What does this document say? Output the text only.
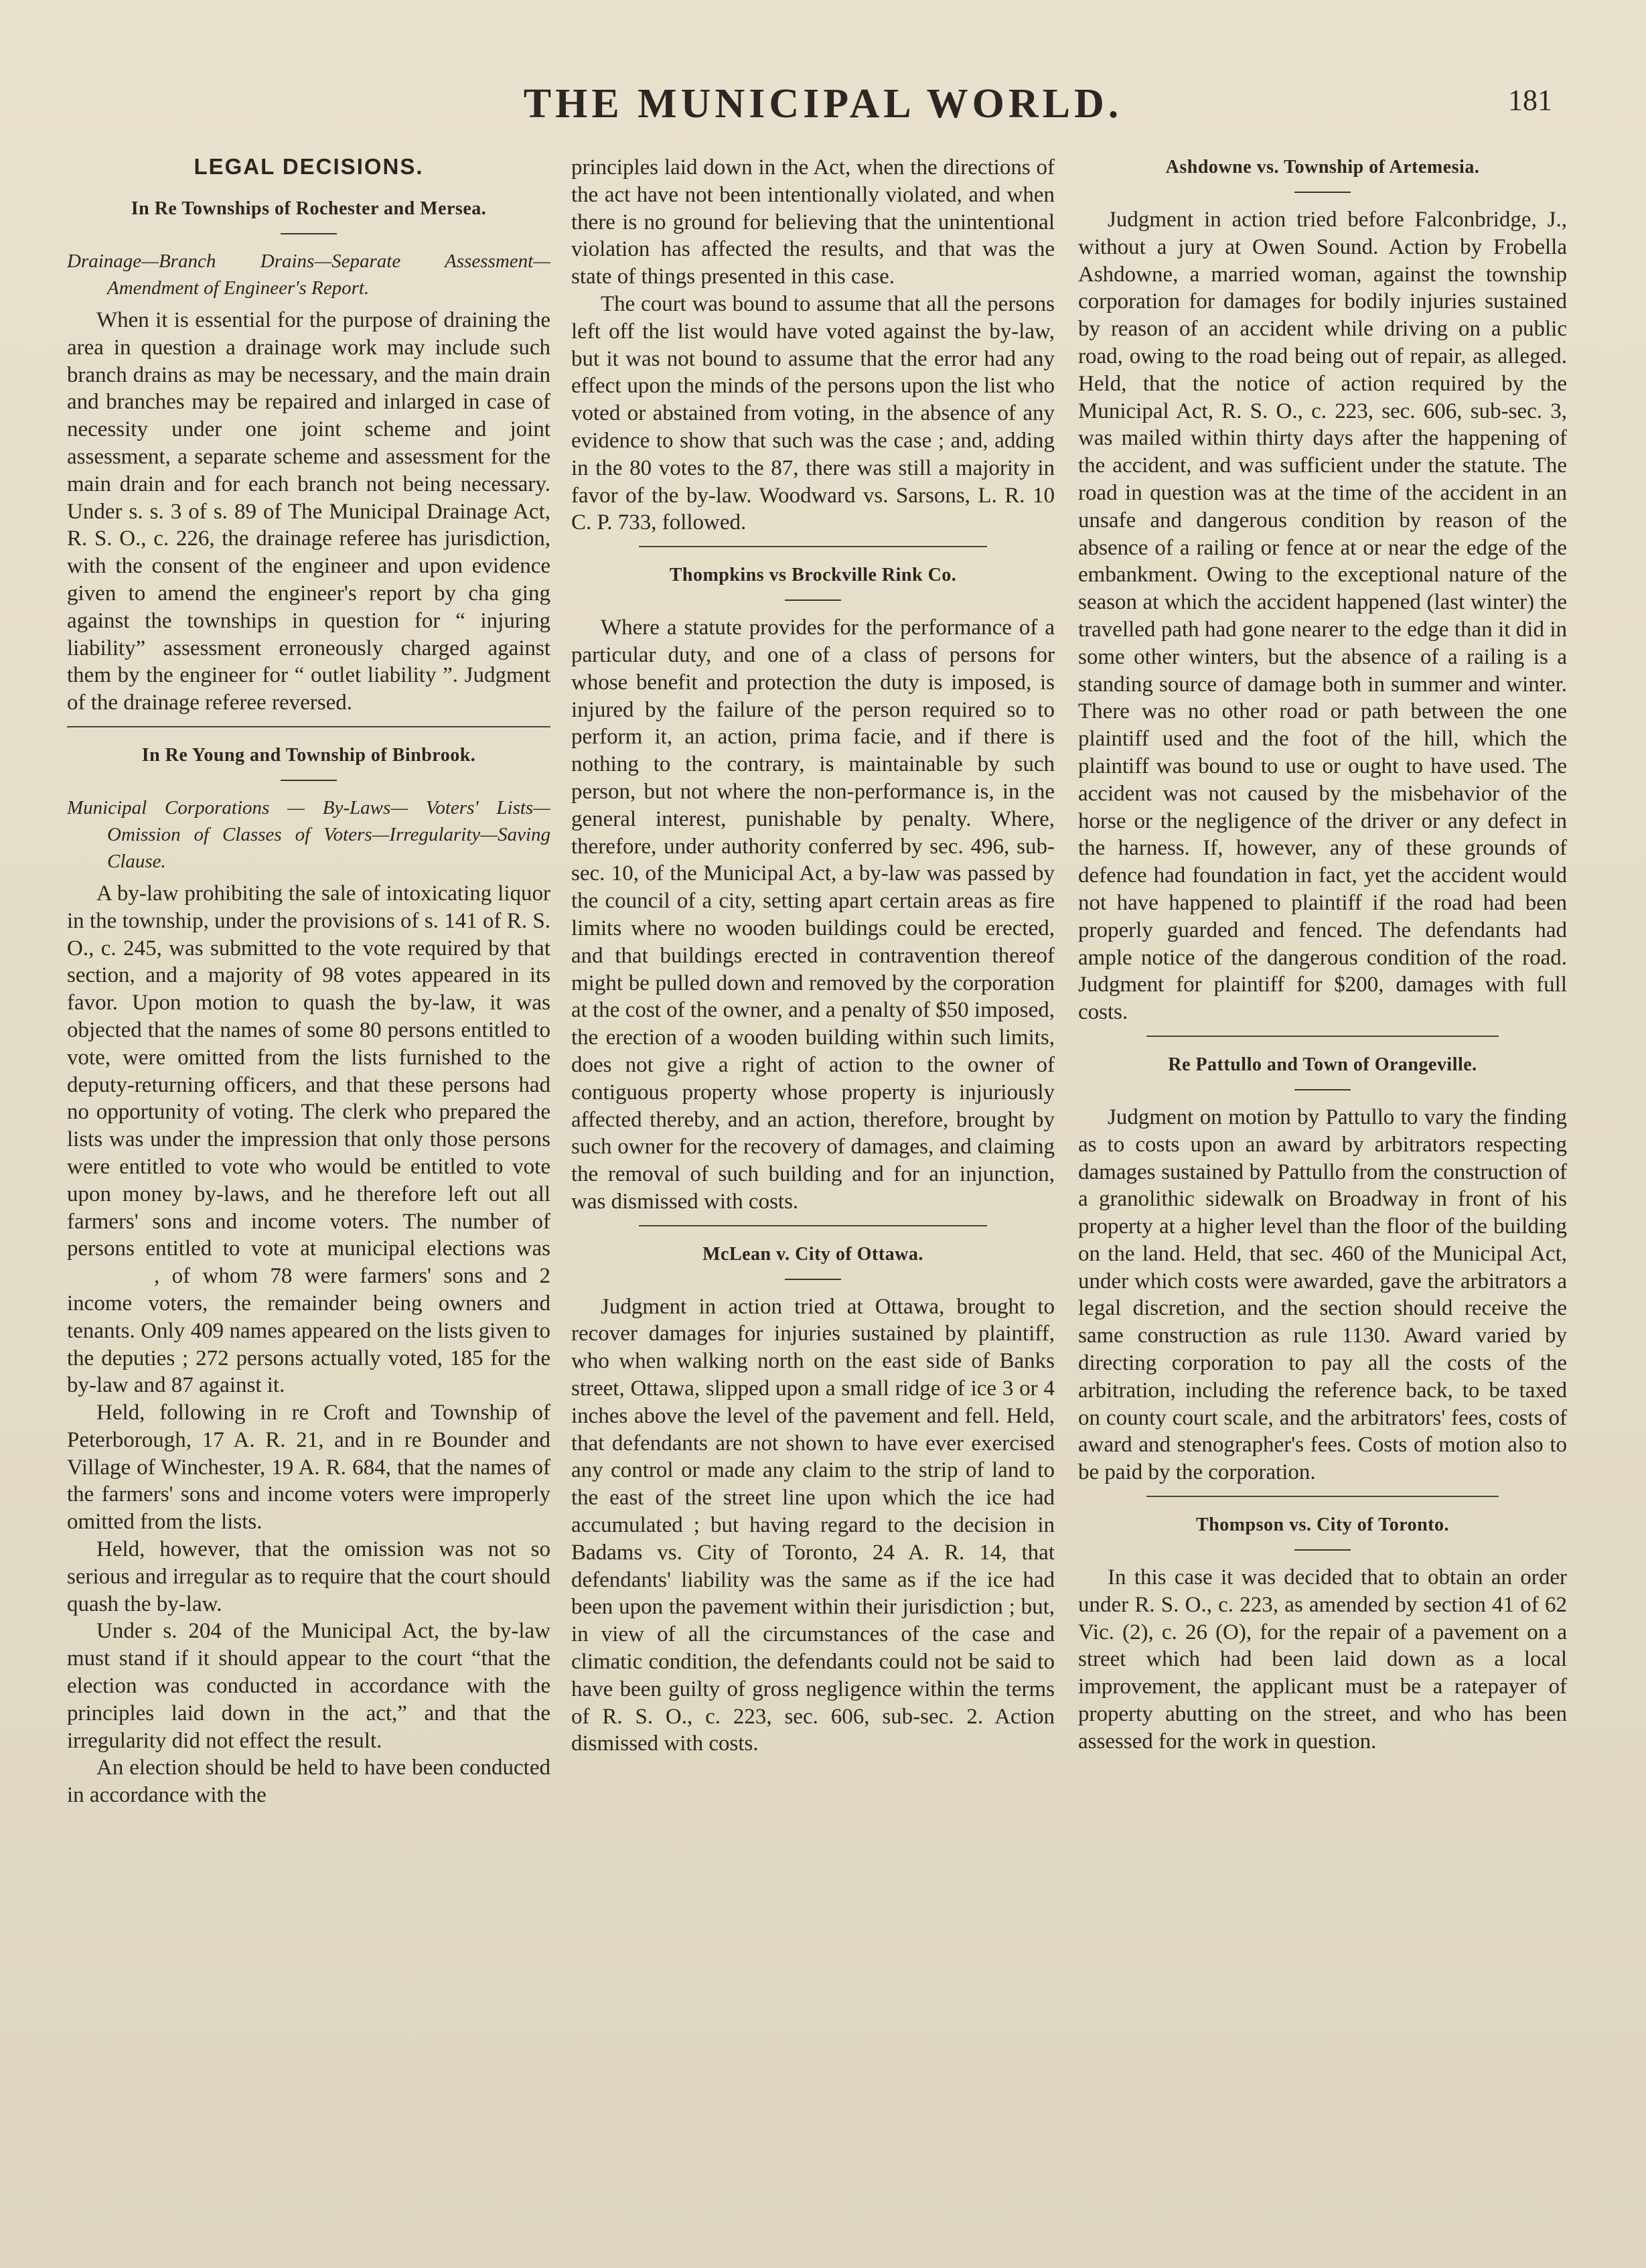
THE MUNICIPAL WORLD.	181
LEGAL DECISIONS.
In Re Townships of Rochester and Mersea.
Drainage—Branch Drains—Separate Assessment—Amendment of Engineer's Report.

When it is essential for the purpose of draining the area in question a drainage work may include such branch drains as may be necessary, and the main drain and branches may be repaired and inlarged in case of necessity under one joint scheme and joint assessment, a separate scheme and assessment for the main drain and for each branch not being necessary. Under s. s. 3 of s. 89 of The Municipal Drainage Act, R. S. O., c. 226, the drainage referee has jurisdiction, with the consent of the engineer and upon evidence given to amend the engineer's report by cha ging against the townships in question for “ injuring liability” assessment erroneously charged against them by the engineer for “ outlet liability ”. Judgment of the drainage referee reversed.

In Re Young and Township of Binbrook.
Municipal Corporations — By-Laws— Voters' Lists—Omission of Classes of Voters—Irregularity—Saving Clause.

A by-law prohibiting the sale of intoxicating liquor in the township, under the provisions of s. 141 of R. S. O., c. 245, was submitted to the vote required by that section, and a majority of 98 votes appeared in its favor. Upon motion to quash the by-law, it was objected that the names of some 80 persons entitled to vote, were omitted from the lists furnished to the deputy-returning officers, and that these persons had no opportunity of voting. The clerk who prepared the lists was under the impression that only those persons were entitled to vote who would be entitled to vote upon money by-laws, and he therefore left out all farmers' sons and income voters. The number of persons entitled to vote at municipal elections was, of whom 78 were farmers' sons and 2 income voters, the remainder being owners and tenants. Only 409 names appeared on the lists given to the deputies ; 272 persons actually voted, 185 for the by-law and 87 against it.

Held, following in re Croft and Township of Peterborough, 17 A. R. 21, and in re Bounder and Village of Winchester, 19 A. R. 684, that the names of the farmers' sons and income voters were improperly omitted from the lists.

Held, however, that the omission was not so serious and irregular as to require that the court should quash the by-law.

Under s. 204 of the Municipal Act, the by-law must stand if it should appear to the court “that the election was conducted in accordance with the principles laid down in the act,” and that the irregularity did not effect the result.

An election should be held to have been conducted in accordance with the

principles laid down in the Act, when the directions of the act have not been intentionally violated, and when there is no ground for believing that the unintentional violation has affected the results, and that was the state of things presented in this case.

The court was bound to assume that all the persons left off the list would have voted against the by-law, but it was not bound to assume that the error had any effect upon the minds of the persons upon the list who voted or abstained from voting, in the absence of any evidence to show that such was the case ; and, adding in the 80 votes to the 87, there was still a majority in favor of the by-law. Woodward vs. Sarsons, L. R. 10 C. P. 733, followed.

Thompkins vs Brockville Rink Co.

Where a statute provides for the performance of a particular duty, and one of a class of persons for whose benefit and protection the duty is imposed, is injured by the failure of the person required so to perform it, an action, prima facie, and if there is nothing to the contrary, is maintainable by such person, but not where the non-performance is, in the general interest, punishable by penalty. Where, therefore, under authority conferred by sec. 496, sub-sec. 10, of the Municipal Act, a by-law was passed by the council of a city, setting apart certain areas as fire limits where no wooden buildings could be erected, and that buildings erected in contravention thereof might be pulled down and removed by the corporation at the cost of the owner, and a penalty of $50 imposed, the erection of a wooden building within such limits, does not give a right of action to the owner of contiguous property whose property is injuriously affected thereby, and an action, therefore, brought by such owner for the recovery of damages, and claiming the removal of such building and for an injunction, was dismissed with costs.

McLean v. City of Ottawa.

Judgment in action tried at Ottawa, brought to recover damages for injuries sustained by plaintiff, who when walking north on the east side of Banks street, Ottawa, slipped upon a small ridge of ice 3 or 4 inches above the level of the pavement and fell. Held, that defendants are not shown to have ever exercised any control or made any claim to the strip of land to the east of the street line upon which the ice had accumulated ; but having regard to the decision in Badams vs. City of Toronto, 24 A. R. 14, that defendants' liability was the same as if the ice had been upon the pavement within their jurisdiction ; but, in view of all the circumstances of the case and climatic condition, the defendants could not be said to have been guilty of gross negligence within the terms of R. S. O., c. 223, sec. 606, sub-sec. 2. Action dismissed with costs.

Ashdowne vs. Township of Artemesia.

Judgment in action tried before Falconbridge, J., without a jury at Owen Sound. Action by Frobella Ashdowne, a married woman, against the township corporation for damages for bodily injuries sustained by reason of an accident while driving on a public road, owing to the road being out of repair, as alleged. Held, that the notice of action required by the Municipal Act, R. S. O., c. 223, sec. 606, sub-sec. 3, was mailed within thirty days after the happening of the accident, and was sufficient under the statute. The road in question was at the time of the accident in an unsafe and dangerous condition by reason of the absence of a railing or fence at or near the edge of the embankment. Owing to the exceptional nature of the season at which the accident happened (last winter) the travelled path had gone nearer to the edge than it did in some other winters, but the absence of a railing is a standing source of damage both in summer and winter. There was no other road or path between the one plaintiff used and the foot of the hill, which the plaintiff was bound to use or ought to have used. The accident was not caused by the misbehavior of the horse or the negligence of the driver or any defect in the harness. If, however, any of these grounds of defence had foundation in fact, yet the accident would not have happened to plaintiff if the road had been properly guarded and fenced. The defendants had ample notice of the dangerous condition of the road. Judgment for plaintiff for $200, damages with full costs.

Re Pattullo and Town of Orangeville.

Judgment on motion by Pattullo to vary the finding as to costs upon an award by arbitrators respecting damages sustained by Pattullo from the construction of a granolithic sidewalk on Broadway in front of his property at a higher level than the floor of the building on the land. Held, that sec. 460 of the Municipal Act, under which costs were awarded, gave the arbitrators a legal discretion, and the section should receive the same construction as rule 1130. Award varied by directing corporation to pay all the costs of the arbitration, including the reference back, to be taxed on county court scale, and the arbitrators' fees, costs of award and stenographer's fees. Costs of motion also to be paid by the corporation.

Thompson vs. City of Toronto.

In this case it was decided that to obtain an order under R. S. O., c. 223, as amended by section 41 of 62 Vic. (2), c. 26 (O), for the repair of a pavement on a street which had been laid down as a local improvement, the applicant must be a ratepayer of property abutting on the street, and who has been assessed for the work in question.
